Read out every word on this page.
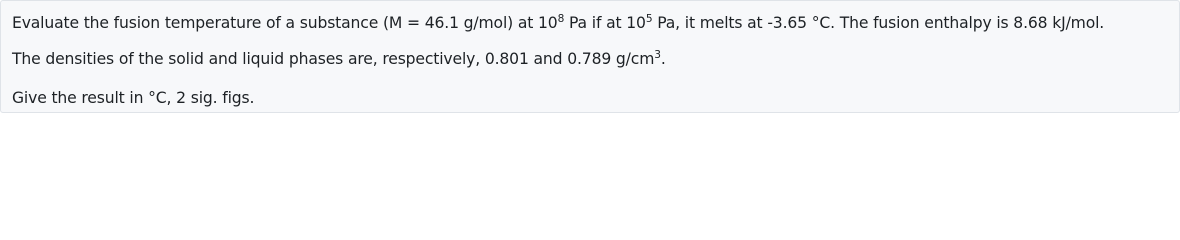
Evaluate the fusion temperature of a substance (M = 46.1 g/mol) at $10^8$ Pa if at $10^5$ Pa, it melts at -3.65 °C. The fusion enthalpy is 8.68 kJ/mol.
The densities of the solid and liquid phases are, respectively, 0.801 and 0.789 $g/cm^3$.
Give the result in °C, 2 sig. figs.
